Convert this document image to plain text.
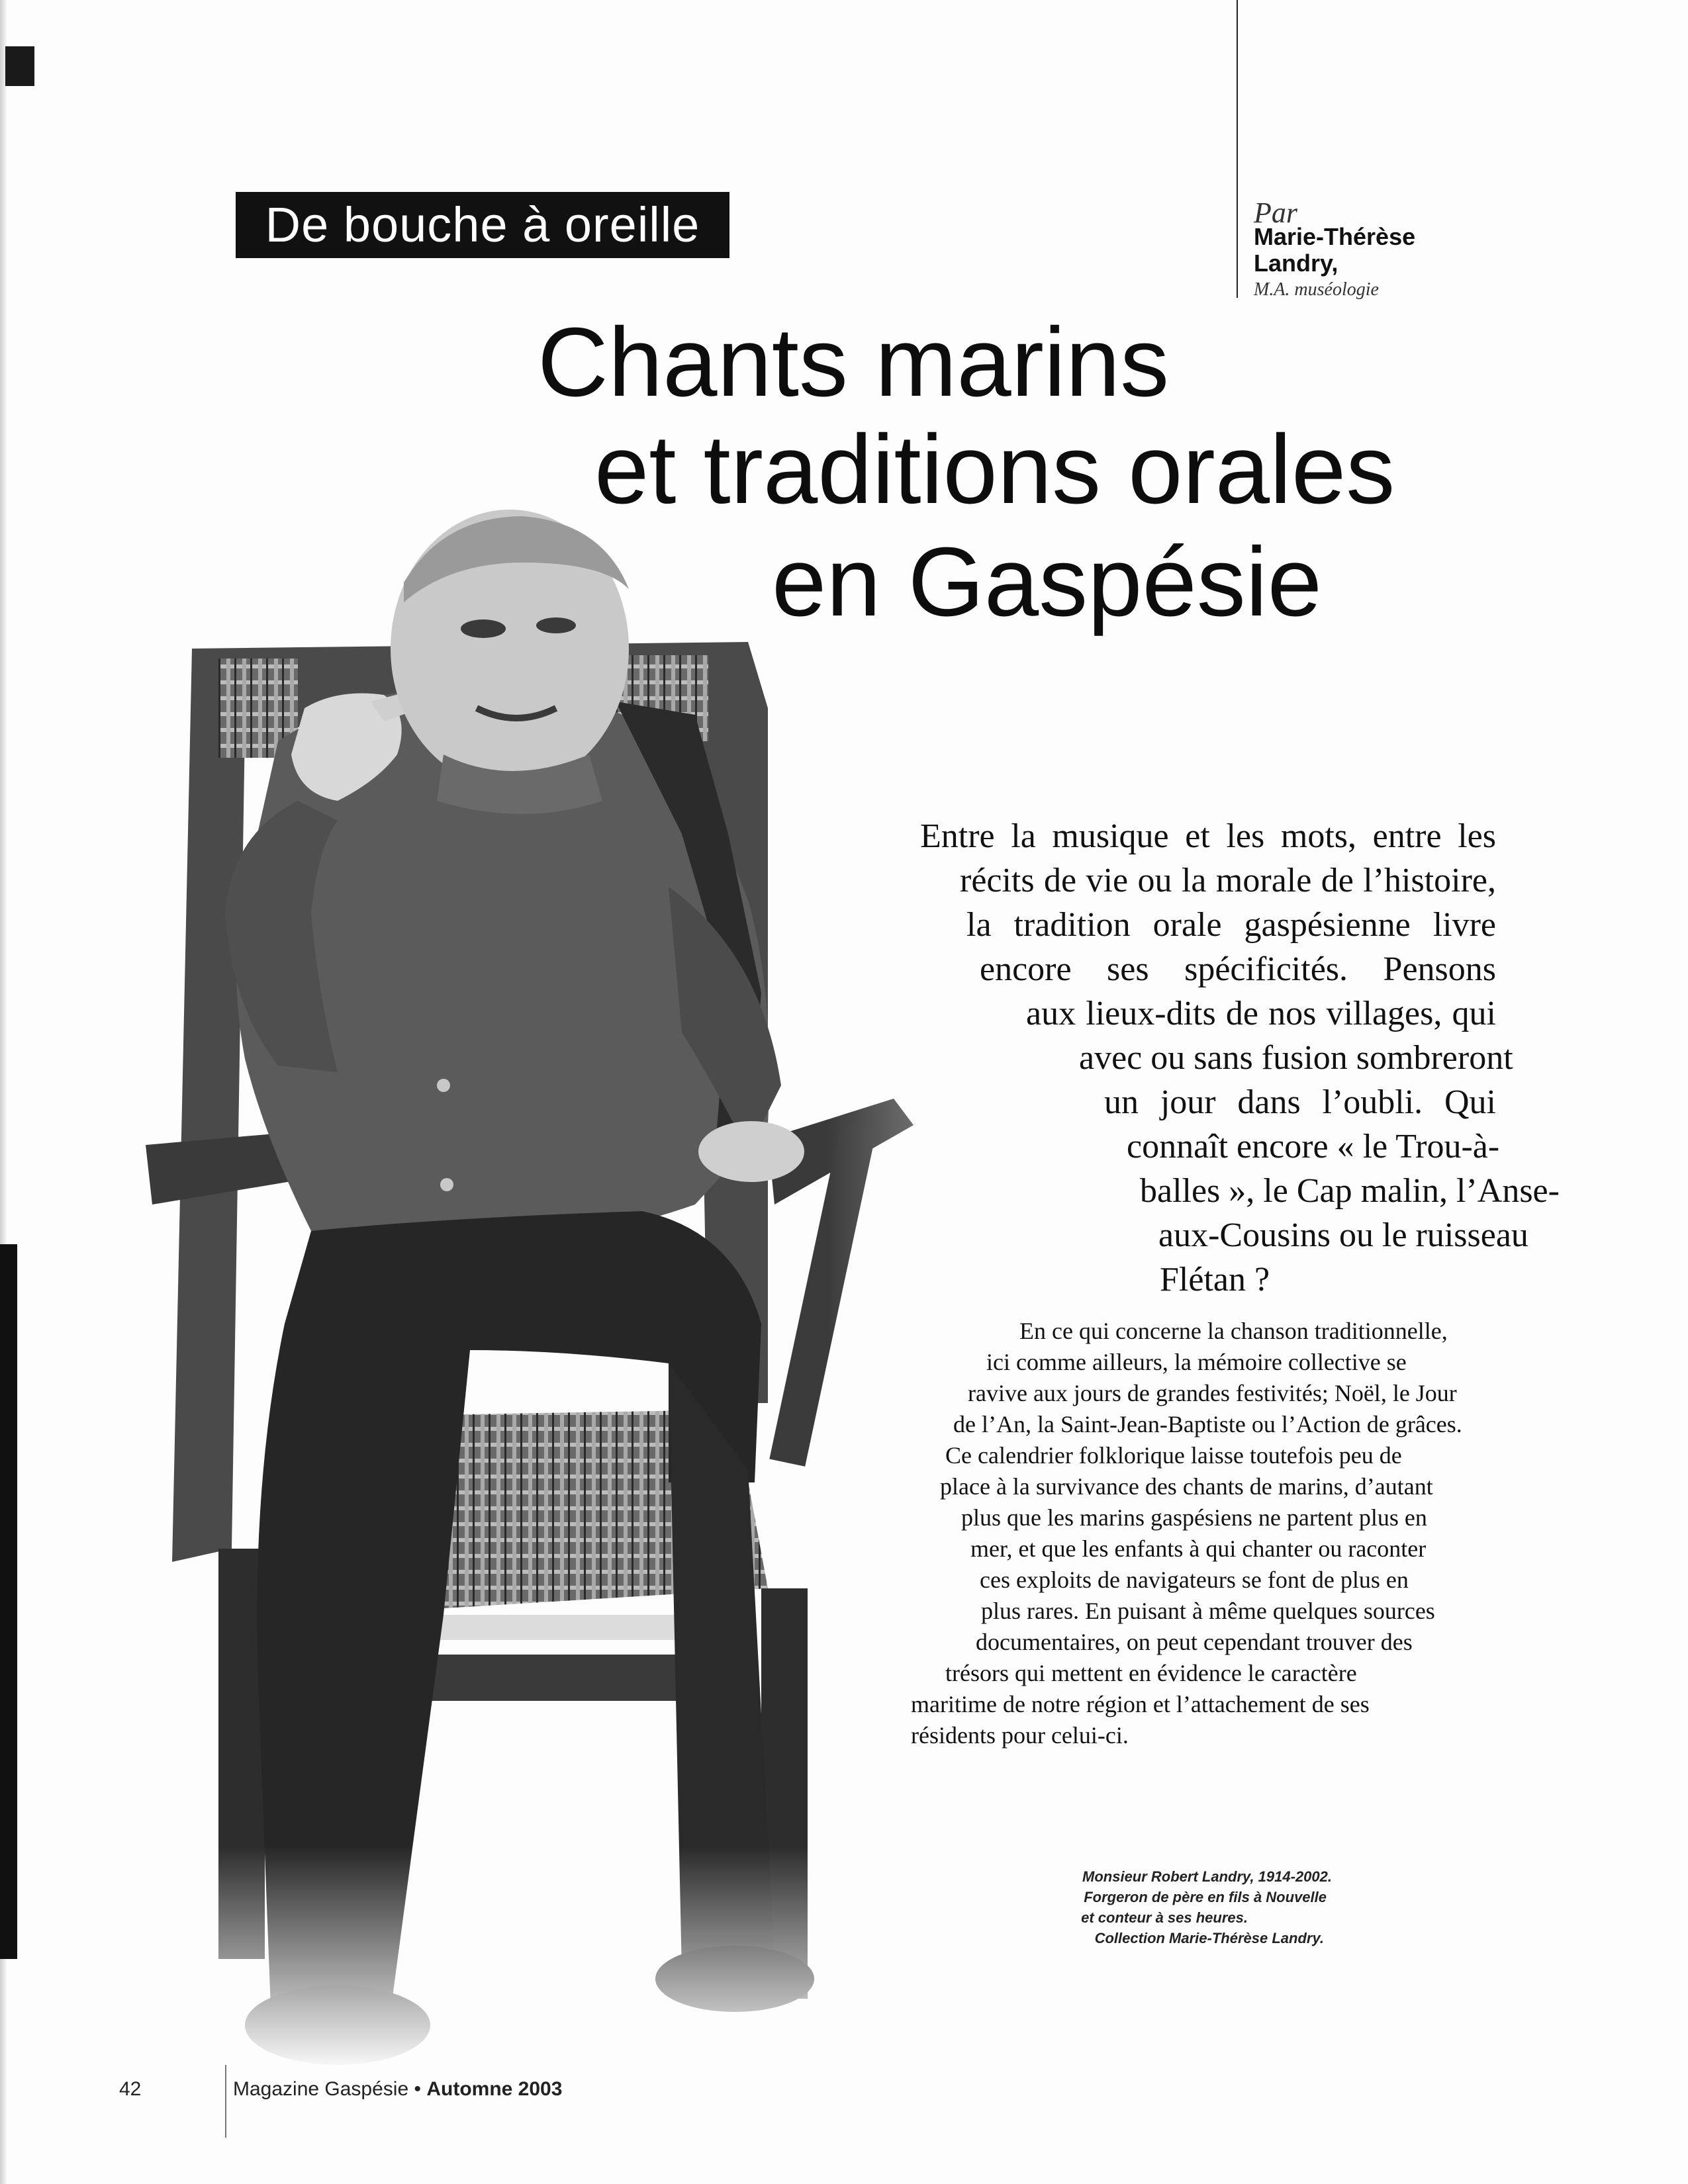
De bouche à oreille	Par
Marie-Thérèse
Landry,
M.A. muséologie
Chants marins
et traditions orales
en Gaspésie
Entre la musique et les mots, entre les
récits de vie ou la morale de l’histoire,
la tradition orale gaspésienne livre
encore ses spécificités. Pensons
aux lieux-dits de nos villages, qui
avec ou sans fusion sombreront
un jour dans l’oubli. Qui
connaît encore « le Trou-à-
balles », le Cap malin, l’Anse-
aux-Cousins ou le ruisseau
Flétan ?
En ce qui concerne la chanson traditionnelle,
ici comme ailleurs, la mémoire collective se
ravive aux jours de grandes festivités; Noël, le Jour
de l’An, la Saint-Jean-Baptiste ou l’Action de grâces.
Ce calendrier folklorique laisse toutefois peu de
place à la survivance des chants de marins, d’autant
plus que les marins gaspésiens ne partent plus en
mer, et que les enfants à qui chanter ou raconter
ces exploits de navigateurs se font de plus en
plus rares. En puisant à même quelques sources
documentaires, on peut cependant trouver des
trésors qui mettent en évidence le caractère
maritime de notre région et l’attachement de ses
résidents pour celui-ci.
Monsieur Robert Landry, 1914-2002.
Forgeron de père en fils à Nouvelle
et conteur à ses heures.
Collection Marie-Thérèse Landry.
42	Magazine Gaspésie • Automne 2003
